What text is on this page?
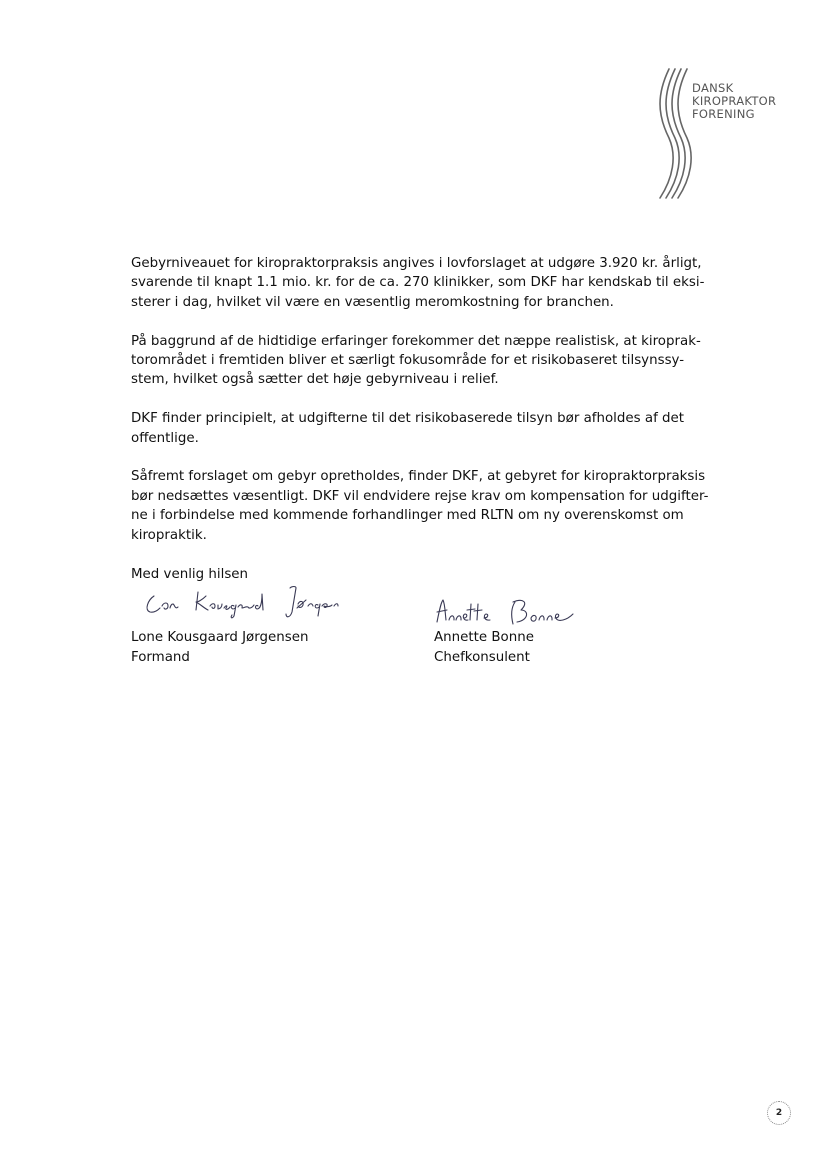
DANSK
KIROPRAKTOR
FORENING

Gebyrniveauet for kiropraktorpraksis angives i lovforslaget at udgøre 3.920 kr. årligt,
svarende til knapt 1.1 mio. kr. for de ca. 270 klinikker, som DKF har kendskab til eksi-
sterer i dag, hvilket vil være en væsentlig meromkostning for branchen.

På baggrund af de hidtidige erfaringer forekommer det næppe realistisk, at kiroprak-
torområdet i fremtiden bliver et særligt fokusområde for et risikobaseret tilsynssy-
stem, hvilket også sætter det høje gebyrniveau i relief.

DKF finder principielt, at udgifterne til det risikobaserede tilsyn bør afholdes af det
offentlige.

Såfremt forslaget om gebyr opretholdes, finder DKF, at gebyret for kiropraktorpraksis
bør nedsættes væsentligt. DKF vil endvidere rejse krav om kompensation for udgifter-
ne i forbindelse med kommende forhandlinger med RLTN om ny overenskomst om
kiropraktik.

Med venlig hilsen
Lone Kousgaard Jørgensen
Formand
Annette Bonne
Chefkonsulent
2
